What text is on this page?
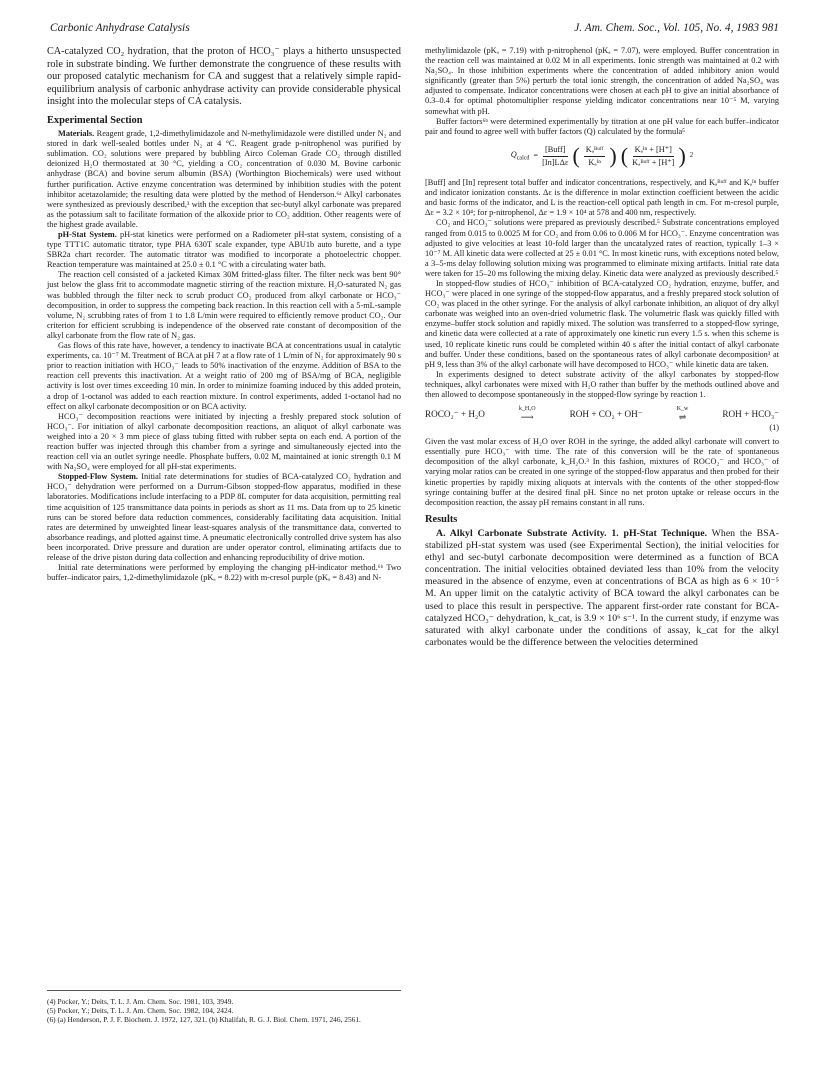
Carbonic Anhydrase Catalysis	J. Am. Chem. Soc., Vol. 105, No. 4, 1983 981

CA-catalyzed CO₂ hydration, that the proton of HCO₃⁻ plays a hitherto unsuspected role in substrate binding. We further demonstrate the congruence of these results with our proposed catalytic mechanism for CA and suggest that a relatively simple rapid-equilibrium analysis of carbonic anhydrase activity can provide considerable physical insight into the molecular steps of CA catalysis.

Experimental Section

Materials. Reagent grade, 1,2-dimethylimidazole and N-methylimidazole were distilled under N₂ and stored in dark well-sealed bottles under N₂ at 4 °C. Reagent grade p-nitrophenol was purified by sublimation. CO₂ solutions were prepared by bubbling Airco Coleman Grade CO₂ through distilled deionized H₂O thermostated at 30 °C, yielding a CO₂ concentration of 0.030 M. Bovine carbonic anhydrase (BCA) and bovine serum albumin (BSA) (Worthington Biochemicals) were used without further purification. Active enzyme concentration was determined by inhibition studies with the potent inhibitor acetazolamide; the resulting data were plotted by the method of Henderson.⁶ᵃ Alkyl carbonates were synthesized as previously described,³ with the exception that sec-butyl alkyl carbonate was prepared as the potassium salt to facilitate formation of the alkoxide prior to CO₂ addition. Other reagents were of the highest grade available.

pH-Stat System. pH-stat kinetics were performed on a Radiometer pH-stat system, consisting of a type TTT1C automatic titrator, type PHA 630T scale expander, type ABU1b auto burette, and a type SBR2a chart recorder. The automatic titrator was modified to incorporate a photoelectric chopper. Reaction temperature was maintained at 25.0 ± 0.1 °C with a circulating water bath.

The reaction cell consisted of a jacketed Kimax 30M fritted-glass filter. The filter neck was bent 90° just below the glass frit to accommodate magnetic stirring of the reaction mixture. H₂O-saturated N₂ gas was bubbled through the filter neck to scrub product CO₂ produced from alkyl carbonate or HCO₃⁻ decomposition, in order to suppress the competing back reaction. In this reaction cell with a 5-mL-sample volume, N₂ scrubbing rates of from 1 to 1.8 L/min were required to efficiently remove product CO₂. Our criterion for efficient scrubbing is independence of the observed rate constant of decomposition of the alkyl carbonate from the flow rate of N₂ gas.

Gas flows of this rate have, however, a tendency to inactivate BCA at concentrations usual in catalytic experiments, ca. 10⁻⁷ M. Treatment of BCA at pH 7 at a flow rate of 1 L/min of N₂ for approximately 90 s prior to reaction initiation with HCO₃⁻ leads to 50% inactivation of the enzyme. Addition of BSA to the reaction cell prevents this inactivation. At a weight ratio of 200 mg of BSA/mg of BCA, negligible activity is lost over times exceeding 10 min. In order to minimize foaming induced by this added protein, a drop of 1-octanol was added to each reaction mixture. In control experiments, added 1-octanol had no effect on alkyl carbonate decomposition or on BCA activity.

HCO₃⁻ decomposition reactions were initiated by injecting a freshly prepared stock solution of HCO₃⁻. For initiation of alkyl carbonate decomposition reactions, an aliquot of alkyl carbonate was weighed into a 20 × 3 mm piece of glass tubing fitted with rubber septa on each end. A portion of the reaction buffer was injected through this chamber from a syringe and simultaneously ejected into the reaction cell via an outlet syringe needle. Phosphate buffers, 0.02 M, maintained at ionic strength 0.1 M with Na₂SO₄ were employed for all pH-stat experiments.

Stopped-Flow System. Initial rate determinations for studies of BCA-catalyzed CO₂ hydration and HCO₃⁻ dehydration were performed on a Durrum-Gibson stopped-flow apparatus, modified in these laboratories. Modifications include interfacing to a PDP 8L computer for data acquisition, permitting real time acquisition of 125 transmittance data points in periods as short as 11 ms. Data from up to 25 kinetic runs can be stored before data reduction commences, considerably facilitating data acquisition. Initial rates are determined by unweighted linear least-squares analysis of the transmittance data, converted to absorbance readings, and plotted against time. A pneumatic electronically controlled drive system has also been incorporated. Drive pressure and duration are under operator control, eliminating artifacts due to release of the drive piston during data collection and enhancing reproducibility of drive motion.

Initial rate determinations were performed by employing the changing pH-indicator method.⁶ᵇ Two buffer–indicator pairs, 1,2-dimethylimidazole (pKₐ = 8.22) with m-cresol purple (pKₐ = 8.43) and N-

(4) Pocker, Y.; Deits, T. L. J. Am. Chem. Soc. 1981, 103, 3949.
(5) Pocker, Y.; Deits, T. L. J. Am. Chem. Soc. 1982, 104, 2424.
(6) (a) Henderson, P. J. F. Biochem. J. 1972, 127, 321. (b) Khalifah, R. G. J. Biol. Chem. 1971, 246, 2561.

methylimidazole (pKₐ = 7.19) with p-nitrophenol (pKₐ = 7.07), were employed. Buffer concentration in the reaction cell was maintained at 0.02 M in all experiments. Ionic strength was maintained at 0.2 with Na₂SO₄. In those inhibition experiments where the concentration of added inhibitory anion would significantly (greater than 5%) perturb the total ionic strength, the concentration of added Na₂SO₄ was adjusted to compensate. Indicator concentrations were chosen at each pH to give an initial absorbance of 0.3–0.4 for optimal photomultiplier response yielding indicator concentrations near 10⁻⁵ M, varying somewhat with pH.

Buffer factors⁶ᵇ were determined experimentally by titration at one pH value for each buffer–indicator pair and found to agree well with buffer factors (Q) calculated by the formula⁵

$Q_{calcd} = \frac{\text{[Buff]}}{\text{[In]LΔε}}$ ( $\frac{\text{Kₐᴮᵘᶠᶠ}}{\text{Kₐᴵⁿ}}$ ) ( $\frac{\text{Kₐᴵⁿ + [H⁺]}}{\text{Kₐᴮᵘᶠᶠ + [H⁺]}}$ ) 2

[Buff] and [In] represent total buffer and indicator concentrations, respectively, and Kₐᴮᵘᶠᶠ and Kₐᴵⁿ buffer and indicator ionization constants. Δε is the difference in molar extinction coefficient between the acidic and basic forms of the indicator, and L is the reaction-cell optical path length in cm. For m-cresol purple, Δε = 3.2 × 10⁴; for p-nitrophenol, Δε = 1.9 × 10⁴ at 578 and 400 nm, respectively.

CO₂ and HCO₃⁻ solutions were prepared as previously described.⁵ Substrate concentrations employed ranged from 0.015 to 0.0025 M for CO₂ and from 0.06 to 0.006 M for HCO₃⁻. Enzyme concentration was adjusted to give velocities at least 10-fold larger than the uncatalyzed rates of reaction, typically 1–3 × 10⁻⁷ M. All kinetic data were collected at 25 ± 0.01 °C. In most kinetic runs, with exceptions noted below, a 3–5-ms delay following solution mixing was programmed to eliminate mixing artifacts. Initial rate data were taken for 15–20 ms following the mixing delay. Kinetic data were analyzed as previously described.⁵

In stopped-flow studies of HCO₃⁻ inhibition of BCA-catalyzed CO₂ hydration, enzyme, buffer, and HCO₃⁻ were placed in one syringe of the stopped-flow apparatus, and a freshly prepared stock solution of CO₂ was placed in the other syringe. For the analysis of alkyl carbonate inhibition, an aliquot of dry alkyl carbonate was weighed into an oven-dried volumetric flask. The volumetric flask was quickly filled with enzyme–buffer stock solution and rapidly mixed. The solution was transferred to a stopped-flow syringe, and kinetic data were collected at a rate of approximately one kinetic run every 1.5 s. when this scheme is used, 10 replicate kinetic runs could be completed within 40 s after the initial contact of alkyl carbonate and buffer. Under these conditions, based on the spontaneous rates of alkyl carbonate decomposition³ at pH 9, less than 3% of the alkyl carbonate will have decomposed to HCO₃⁻ while kinetic data are taken.

In experiments designed to detect substrate activity of the alkyl carbonates by stopped-flow techniques, alkyl carbonates were mixed with H₂O rather than buffer by the methods outlined above and then allowed to decompose spontaneously in the stopped-flow syringe by reaction 1.

ROCO₂⁻ + H₂O	k_H₂O
⟶	ROH + CO₂ + OH⁻	K_w
⇌	ROH + HCO₃⁻
(1)

Given the vast molar excess of H₂O over ROH in the syringe, the added alkyl carbonate will convert to essentially pure HCO₃⁻ with time. The rate of this conversion will be the rate of spontaneous decomposition of the alkyl carbonate, k_H₂O.³ In this fashion, mixtures of ROCO₂⁻ and HCO₃⁻ of varying molar ratios can be created in one syringe of the stopped-flow apparatus and then probed for their kinetic properties by rapidly mixing aliquots at intervals with the contents of the other stopped-flow syringe containing buffer at the desired final pH. Since no net proton uptake or release occurs in the decomposition reaction, the assay pH remains constant in all runs.

Results

A. Alkyl Carbonate Substrate Activity. 1. pH-Stat Technique. When the BSA-stabilized pH-stat system was used (see Experimental Section), the initial velocities for ethyl and sec-butyl carbonate decomposition were determined as a function of BCA concentration. The initial velocities obtained deviated less than 10% from the velocity measured in the absence of enzyme, even at concentrations of BCA as high as 6 × 10⁻⁵ M. An upper limit on the catalytic activity of BCA toward the alkyl carbonates can be used to place this result in perspective. The apparent first-order rate constant for BCA-catalyzed HCO₃⁻ dehydration, k_cat, is 3.9 × 10⁶ s⁻¹. In the current study, if enzyme was saturated with alkyl carbonate under the conditions of assay, k_cat for the alkyl carbonates would be the difference between the velocities determined
